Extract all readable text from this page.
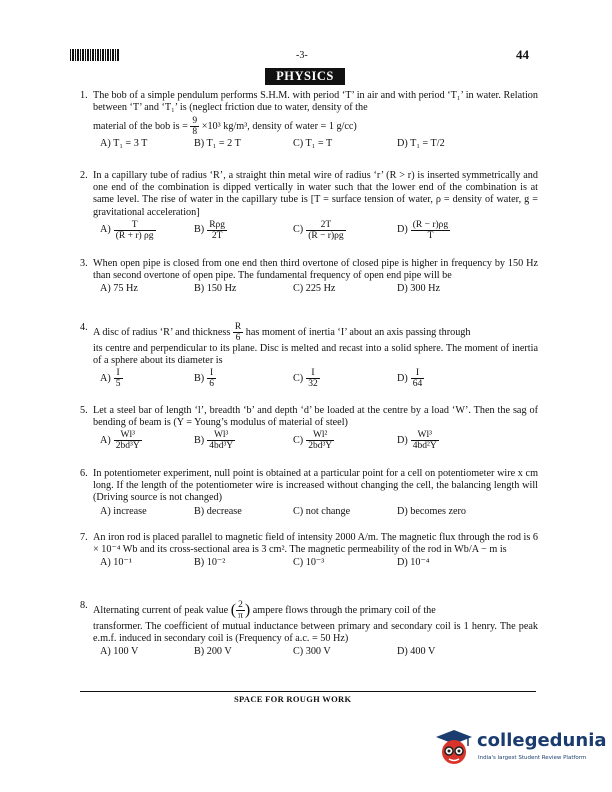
-3-	44
PHYSICS
1. The bob of a simple pendulum performs S.H.M. with period ‘T’ in air and with period ‘T₁’ in water. Relation between ‘T’ and ‘T₁’ is (neglect friction due to water, density of the
material of the bob is = $\frac{9}{8} \times 10^3$ kg/m³, density of water = 1 g/cc)
A) T₁ = 3 T	B) T₁ = 2 T	C) T₁ = T	D) T₁ = T/2
2. In a capillary tube of radius ‘R’, a straight thin metal wire of radius ‘r’ (R > r) is inserted symmetrically and one end of the combination is dipped vertically in water such that the lower end of the combination is at same level. The rise of water in the capillary tube is [T = surface tension of water, ρ = density of water, g = gravitational acceleration]
$A) \frac{T}{(R + r) \rho g}$	$B) \frac{\text{Rρg}}{2T}$	$C) \frac{2T}{(R - r)\rho g}$	$D) \frac{(R - r)\rho g}{T}$
3. When open pipe is closed from one end then third overtone of closed pipe is higher in frequency by 150 Hz than second overtone of open pipe. The fundamental frequency of open end pipe will be
A) 75 Hz	B) 150 Hz	C) 225 Hz	D) 300 Hz
4. A disc of radius ‘R’ and thickness $\frac{R}{6}$ has moment of inertia ‘I’ about an axis passing through
its centre and perpendicular to its plane. Disc is melted and recast into a solid sphere. The moment of inertia of a sphere about its diameter is
$A) \frac{I}{5}$	$B) \frac{I}{6}$	$C) \frac{I}{32}$	$D) \frac{I}{64}$
5. Let a steel bar of length ‘l’, breadth ‘b’ and depth ‘d’ be loaded at the centre by a load ‘W’. Then the sag of bending of beam is (Y = Young’s modulus of material of steel)
$A) \frac{\text{Wl³}}{\text{2bd³Y}}$	$B) \frac{\text{Wl³}}{\text{4bd³Y}}$	$C) \frac{\text{Wl²}}{\text{2bd³Y}}$	$D) \frac{\text{Wl³}}{\text{4bd²Y}}$
6. In potentiometer experiment, null point is obtained at a particular point for a cell on potentiometer wire x cm long. If the length of the potentiometer wire is increased without changing the cell, the balancing length will (Driving source is not changed)
A) increase	B) decrease	C) not change	D) becomes zero
7. An iron rod is placed parallel to magnetic field of intensity 2000 A/m. The magnetic flux through the rod is 6 × 10⁻⁴ Wb and its cross-sectional area is 3 cm². The magnetic permeability of the rod in Wb/A − m is
A) 10⁻¹	B) 10⁻²	C) 10⁻³	D) 10⁻⁴
8. Alternating current of peak value ( $\frac{2}{\pi}$ ) ampere flows through the primary coil of the
transformer. The coefficient of mutual inductance between primary and secondary coil is 1 henry. The peak e.m.f. induced in secondary coil is (Frequency of a.c. = 50 Hz)
A) 100 V	B) 200 V	C) 300 V	D) 400 V
SPACE FOR ROUGH WORK
collegedunia
India's largest Student Review Platform
